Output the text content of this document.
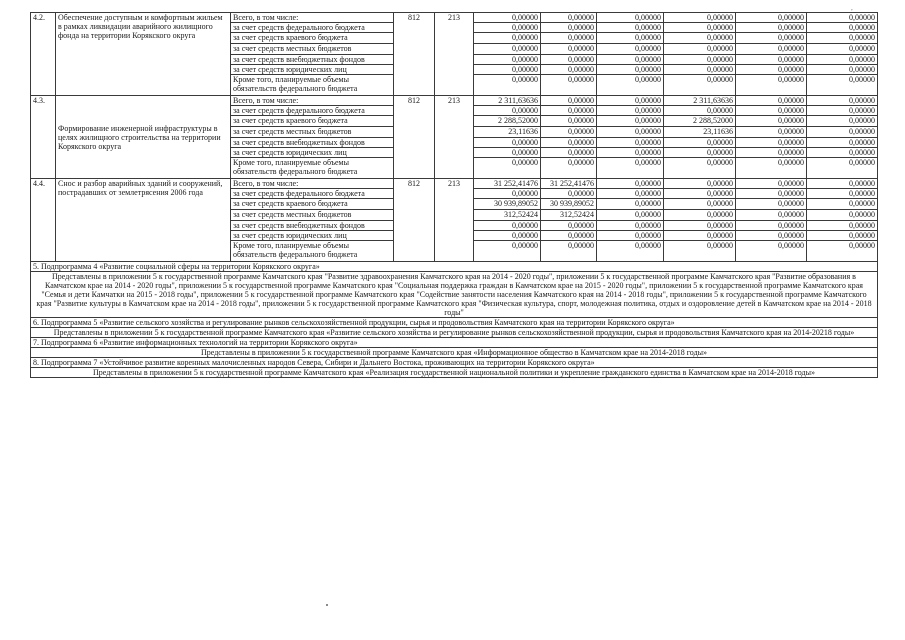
,
4.2.	Обеспечение доступным и комфортным жильем в рамках ликвидации аварийного жилищного фонда на территории Корякского округа	Всего, в том числе:	812	213	0,00000	0,00000	0,00000	0,00000	0,00000	0,00000
		за счет средств федерального бюджета			0,00000	0,00000	0,00000	0,00000	0,00000	0,00000
		за счет средств краевого бюджета			0,00000	0,00000	0,00000	0,00000	0,00000	0,00000
		за счет средств местных бюджетов			0,00000	0,00000	0,00000	0,00000	0,00000	0,00000
		за счет средств внебюджетных фондов			0,00000	0,00000	0,00000	0,00000	0,00000	0,00000
		за счет средств юридических лиц			0,00000	0,00000	0,00000	0,00000	0,00000	0,00000
		Кроме того, планируемые объемы обязательств федерального бюджета			0,00000	0,00000	0,00000	0,00000	0,00000	0,00000
4.3.	Формирование инженерной инфраструктуры в целях жилищного строительства на территории Корякского округа	Всего, в том числе:	812	213	2 311,63636	0,00000	0,00000	2 311,63636	0,00000	0,00000
		за счет средств федерального бюджета			0,00000	0,00000	0,00000	0,00000	0,00000	0,00000
		за счет средств краевого бюджета			2 288,52000	0,00000	0,00000	2 288,52000	0,00000	0,00000
		за счет средств местных бюджетов			23,11636	0,00000	0,00000	23,11636	0,00000	0,00000
		за счет средств внебюджетных фондов			0,00000	0,00000	0,00000	0,00000	0,00000	0,00000
		за счет средств юридических лиц			0,00000	0,00000	0,00000	0,00000	0,00000	0,00000
		Кроме того, планируемые объемы обязательств федерального бюджета			0,00000	0,00000	0,00000	0,00000	0,00000	0,00000
4.4.	Снос и разбор аварийных зданий и сооружений, пострадавших от землетрясения 2006 года	Всего, в том числе:	812	213	31 252,41476	31 252,41476	0,00000	0,00000	0,00000	0,00000
		за счет средств федерального бюджета			0,00000	0,00000	0,00000	0,00000	0,00000	0,00000
		за счет средств краевого бюджета			30 939,89052	30 939,89052	0,00000	0,00000	0,00000	0,00000
		за счет средств местных бюджетов			312,52424	312,52424	0,00000	0,00000	0,00000	0,00000
		за счет средств внебюджетных фондов			0,00000	0,00000	0,00000	0,00000	0,00000	0,00000
		за счет средств юридических лиц			0,00000	0,00000	0,00000	0,00000	0,00000	0,00000
		Кроме того, планируемые объемы обязательств федерального бюджета			0,00000	0,00000	0,00000	0,00000	0,00000	0,00000
5. Подпрограмма 4 «Развитие социальной сферы на территории Корякского округа»										
Представлены в приложении 5 к государственной программе Камчатского края "Развитие здравоохранения Камчатского края на 2014 - 2020 годы", приложении 5 к государственной программе Камчатского края "Развитие образования в Камчатском крае на 2014 - 2020 годы", приложении 5 к государственной программе Камчатского края "Социальная поддержка граждан в Камчатском крае на 2015 - 2020 годы", приложении 5 к государственной программе Камчатского края "Семья и дети Камчатки на 2015 - 2018 годы", приложении 5 к государственной программе Камчатского края "Содействие занятости населения Камчатского края на 2014 - 2018 годы", приложении 5 к государственной программе Камчатского края "Развитие культуры в Камчатском крае на 2014 - 2018 годы", приложении 5 к государственной программе Камчатского края "Физическая культура, спорт, молодежная политика, отдых и оздоровление детей в Камчатском крае на 2014 - 2018 годы"										
6. Подпрограмма 5 «Развитие сельского хозяйства и регулирование рынков сельскохозяйственной продукции, сырья и продовольствия Камчатского края на территории Корякского округа»										
Представлены в приложении 5 к государственной программе Камчатского края «Развитие сельского хозяйства и регулирование рынков сельскохозяйственной продукции, сырья и продовольствия Камчатского края на 2014-20218 годы»										
7. Подпрограмма 6 «Развитие информационных технологий на территории Корякского округа»										
Представлены в приложении 5 к государственной программе Камчатского края «Информационное общество в Камчатском крае на 2014-2018 годы»										
8. Подпрограмма 7 «Устойчивое развитие коренных малочисленных народов Севера, Сибири и Дальнего Востока, проживающих на территории Корякского округа»										
Представлены в приложении 5 к государственной программе Камчатского края «Реализация государственной национальной политики и укрепление гражданского единства в Камчатском крае на 2014-2018 годы»										
